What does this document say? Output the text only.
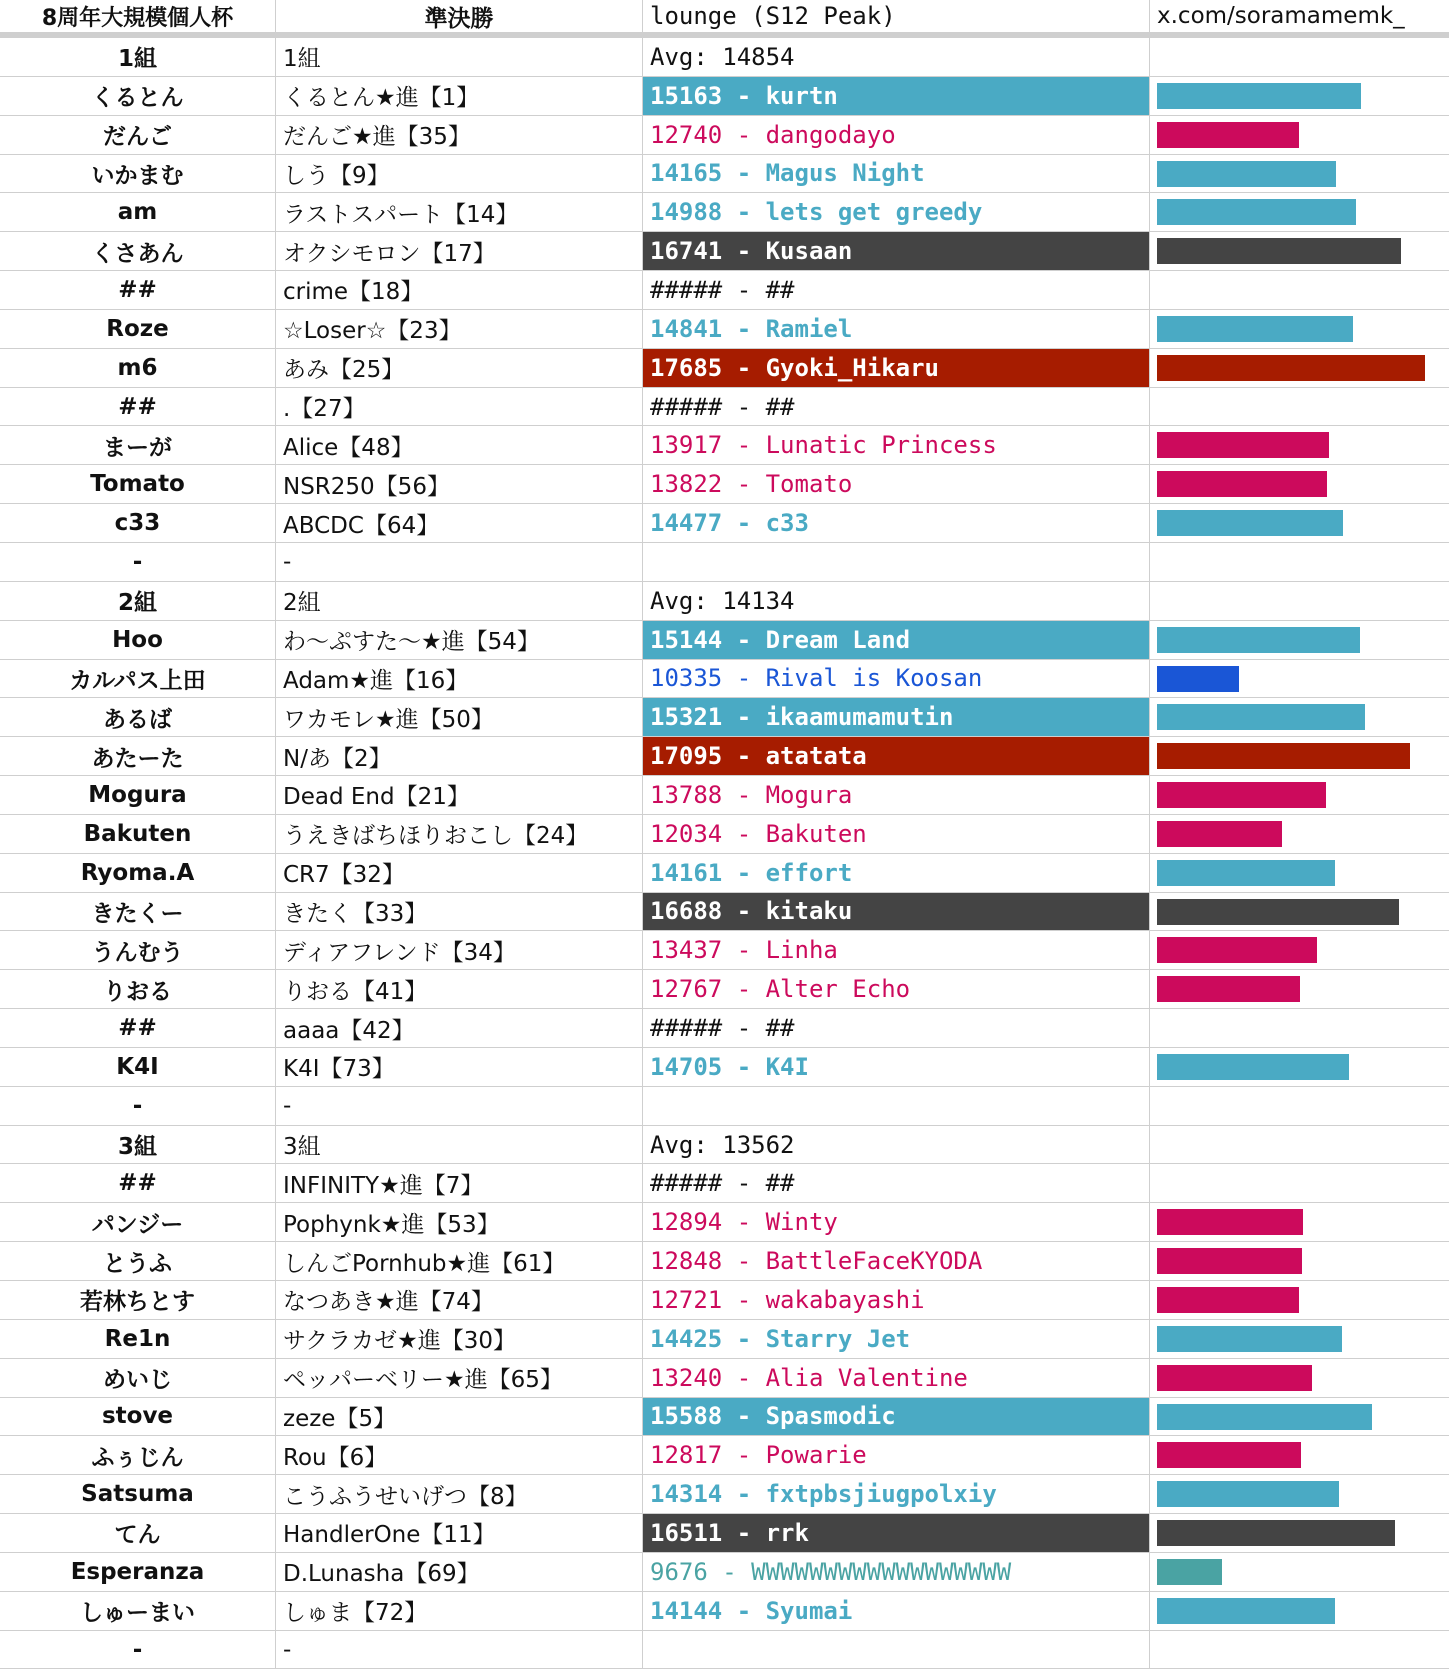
8周年大規模個人杯	準決勝	lounge (S12 Peak)	x.com/soramamemk_
1組	1組	Avg: 14854
くるとん	くるとん★進【1】	15163 - kurtn
だんご	だんご★進【35】	12740 - dangodayo
いかまむ	しう【9】	14165 - Magus Night
am	ラストスパート【14】	14988 - lets get greedy
くさあん	オクシモロン【17】	16741 - Kusaan
##	crime【18】	##### - ##
Roze	☆Loser☆【23】	14841 - Ramiel
m6	あみ【25】	17685 - Gyoki_Hikaru
##	.【27】	##### - ##
まーが	Alice【48】	13917 - Lunatic Princess
Tomato	NSR250【56】	13822 - Tomato
c33	ABCDC【64】	14477 - c33
-	-
2組	2組	Avg: 14134
Hoo	わ〜ぷすた〜★進【54】	15144 - Dream Land
カルパス上田	Adam★進【16】	10335 - Rival is Koosan
あるば	ワカモレ★進【50】	15321 - ikaamumamutin
あたーた	N/あ【2】	17095 - atatata
Mogura	Dead End【21】	13788 - Mogura
Bakuten	うえきばちほりおこし【24】	12034 - Bakuten
Ryoma.A	CR7【32】	14161 - effort
きたくー	きたく【33】	16688 - kitaku
うんむう	ディアフレンド【34】	13437 - Linha
りおる	りおる【41】	12767 - Alter Echo
##	aaaa【42】	##### - ##
K4I	K4I【73】	14705 - K4I
-	-
3組	3組	Avg: 13562
##	INFINITY★進【7】	##### - ##
パンジー	Pophynk★進【53】	12894 - Winty
とうふ	しんごPornhub★進【61】	12848 - BattleFaceKYODA
若林ちとす	なつあき★進【74】	12721 - wakabayashi
Re1n	サクラカゼ★進【30】	14425 - Starry Jet
めいじ	ペッパーベリー★進【65】	13240 - Alia Valentine
stove	zeze【5】	15588 - Spasmodic
ふぅじん	Rou【6】	12817 - Powarie
Satsuma	こうふうせいげつ【8】	14314 - fxtpbsjiugpolxiy
てん	HandlerOne【11】	16511 - rrk
Esperanza	D.Lunasha【69】	9676 - WWWWWWWWWWWWWWWWWW
しゅーまい	しゅま【72】	14144 - Syumai
-	-
